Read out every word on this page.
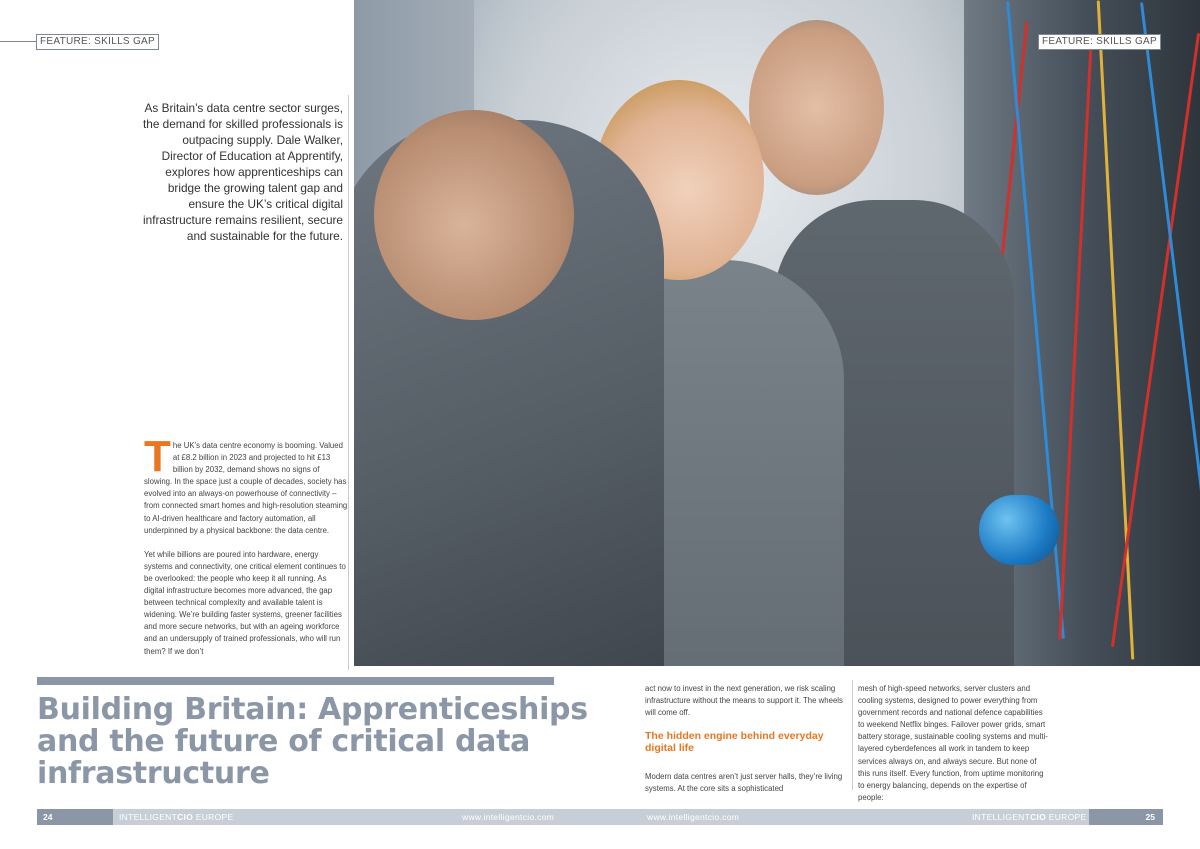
FEATURE: SKILLS GAP	FEATURE: SKILLS GAP

As Britain’s data centre sector surges, the demand for skilled professionals is outpacing supply. Dale Walker, Director of Education at Apprentify, explores how apprenticeships can bridge the growing talent gap and ensure the UK’s critical digital infrastructure remains resilient, secure and sustainable for the future.

The UK’s data centre economy is booming. Valued at £8.2 billion in 2023 and projected to hit £13 billion by 2032, demand shows no signs of slowing. In the space just a couple of decades, society has evolved into an always-on powerhouse of connectivity – from connected smart homes and high-resolution steaming to AI-driven healthcare and factory automation, all underpinned by a physical backbone: the data centre.

Yet while billions are poured into hardware, energy systems and connectivity, one critical element continues to be overlooked: the people who keep it all running. As digital infrastructure becomes more advanced, the gap between technical complexity and available talent is widening. We’re building faster systems, greener facilities and more secure networks, but with an ageing workforce and an undersupply of trained professionals, who will run them? If we don’t

Building Britain: Apprenticeships and the future of critical data infrastructure

act now to invest in the next generation, we risk scaling infrastructure without the means to support it. The wheels will come off.

The hidden engine behind everyday digital life

Modern data centres aren’t just server halls, they’re living systems. At the core sits a sophisticated

mesh of high-speed networks, server clusters and cooling systems, designed to power everything from government records and national defence capabilities to weekend Netflix binges. Failover power grids, smart battery storage, sustainable cooling systems and multi-layered cyberdefences all work in tandem to keep services always on, and always secure. But none of this runs itself. Every function, from uptime monitoring to energy balancing, depends on the expertise of people:

24	INTELLIGENTCIO EUROPE	www.intelligentcio.com	www.intelligentcio.com	INTELLIGENTCIO EUROPE	25
